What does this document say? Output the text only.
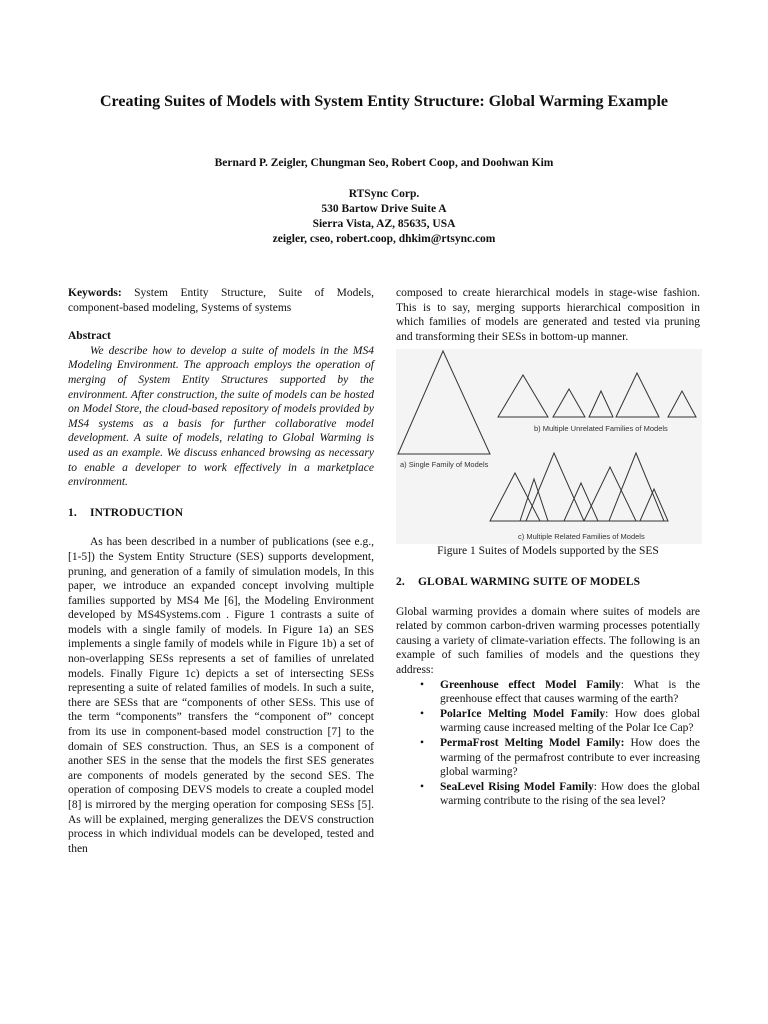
Creating Suites of Models with System Entity Structure: Global Warming Example
Bernard P. Zeigler, Chungman Seo, Robert Coop, and Doohwan Kim
RTSync Corp.
530 Bartow Drive Suite A
Sierra Vista, AZ, 85635, USA
zeigler, cseo, robert.coop, dhkim@rtsync.com

Keywords: System Entity Structure, Suite of Models, component-based modeling, Systems of systems

Abstract

We describe how to develop a suite of models in the MS4 Modeling Environment. The approach employs the operation of merging of System Entity Structures supported by the environment. After construction, the suite of models can be hosted on Model Store, the cloud-based repository of models provided by MS4 systems as a basis for further collaborative model development. A suite of models, relating to Global Warming is used as an example. We discuss enhanced browsing as necessary to enable a developer to work effectively in a marketplace environment.

1. INTRODUCTION

As has been described in a number of publications (see e.g., [1-5]) the System Entity Structure (SES) supports development, pruning, and generation of a family of simulation models, In this paper, we introduce an expanded concept involving multiple families supported by MS4 Me [6], the Modeling Environment developed by MS4Systems.com . Figure 1 contrasts a suite of models with a single family of models. In Figure 1a) an SES implements a single family of models while in Figure 1b) a set of non-overlapping SESs represents a set of families of unrelated models. Finally Figure 1c) depicts a set of intersecting SESs representing a suite of related families of models. In such a suite, there are SESs that are “components of other SESs. This use of the term “components” transfers the “component of” concept from its use in component-based model construction [7] to the domain of SES construction. Thus, an SES is a component of another SES in the sense that the models the first SES generates are components of models generated by the second SES. The operation of composing DEVS models to create a coupled model [8] is mirrored by the merging operation for composing SESs [5]. As will be explained, merging generalizes the DEVS construction process in which individual models can be developed, tested and then

composed to create hierarchical models in stage-wise fashion. This is to say, merging supports hierarchical composition in which families of models are generated and tested via pruning and transforming their SESs in bottom-up manner.

a) Single Family of Models
b) Multiple Unrelated Families of Models
c) Multiple Related Families of Models
Figure 1 Suites of Models supported by the SES

2. GLOBAL WARMING SUITE OF MODELS

Global warming provides a domain where suites of models are related by common carbon-driven warming processes potentially causing a variety of climate-variation effects. The following is an example of such families of models and the questions they address:

• Greenhouse effect Model Family: What is the greenhouse effect that causes warming of the earth?
• PolarIce Melting Model Family: How does global warming cause increased melting of the Polar Ice Cap?
• PermaFrost Melting Model Family: How does the warming of the permafrost contribute to ever increasing global warming?
• SeaLevel Rising Model Family: How does the global warming contribute to the rising of the sea level?
